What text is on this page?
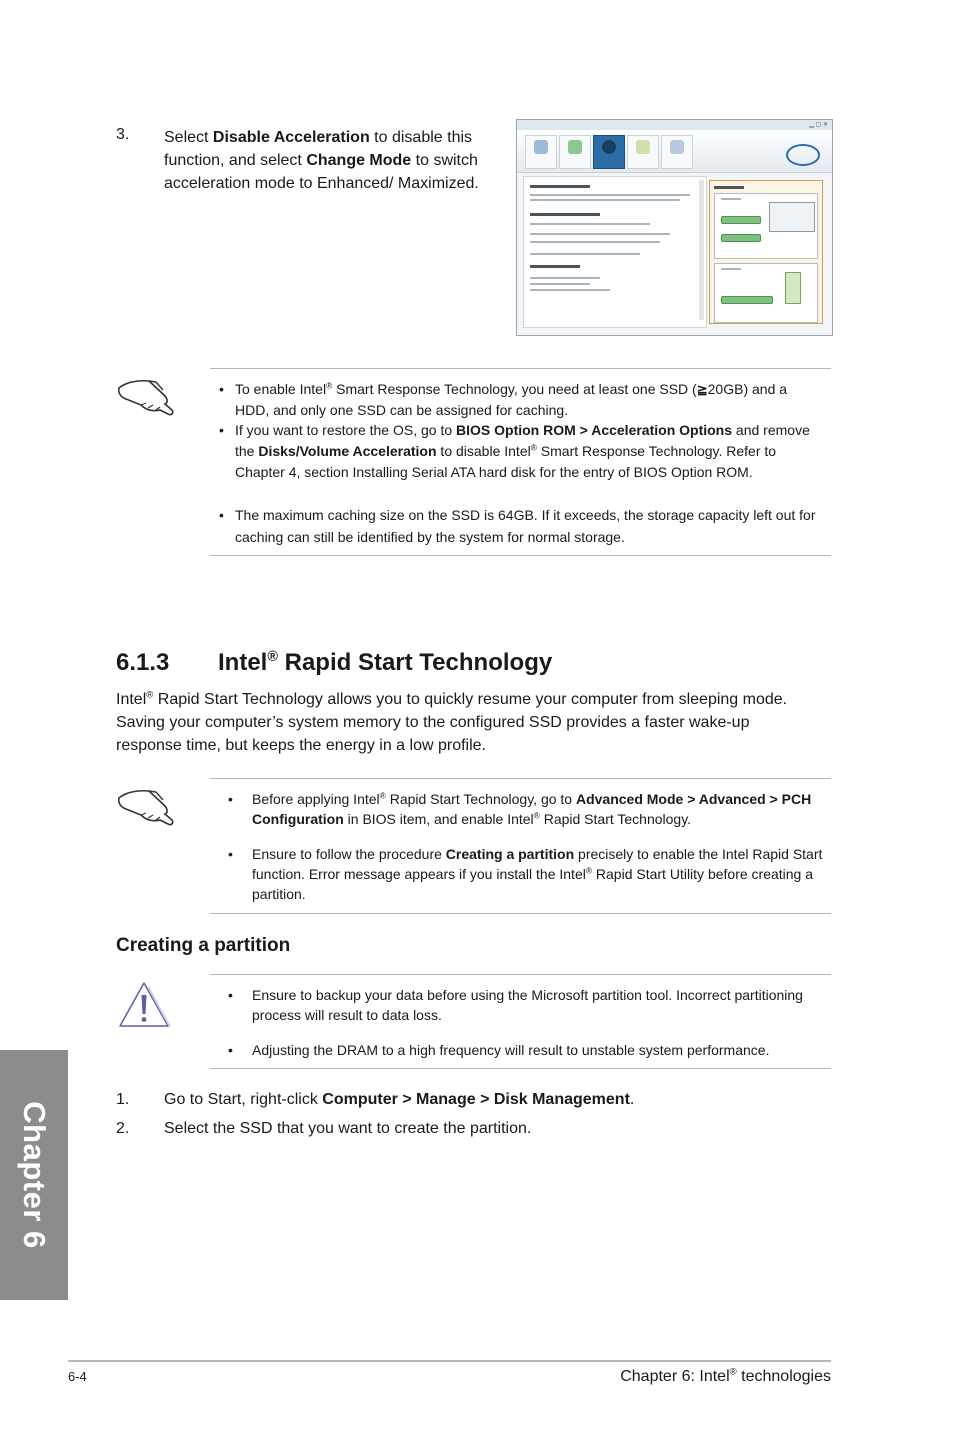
3. Select Disable Acceleration to disable this function, and select Change Mode to switch acceleration mode to Enhanced/ Maximized.
▁ ▢ ✕
• To enable Intel® Smart Response Technology, you need at least one SSD (≧20GB) and a HDD, and only one SSD can be assigned for caching.
• If you want to restore the OS, go to BIOS Option ROM > Acceleration Options and remove the Disks/Volume Acceleration to disable Intel® Smart Response Technology. Refer to Chapter 4, section Installing Serial ATA hard disk for the entry of BIOS Option ROM.
• The maximum caching size on the SSD is 64GB. If it exceeds, the storage capacity left out for caching can still be identified by the system for normal storage.
6.1.3 Intel® Rapid Start Technology
Intel® Rapid Start Technology allows you to quickly resume your computer from sleeping mode. Saving your computer’s system memory to the configured SSD provides a faster wake-up response time, but keeps the energy in a low profile.
• Before applying Intel® Rapid Start Technology, go to Advanced Mode > Advanced > PCH Configuration in BIOS item, and enable Intel® Rapid Start Technology.
• Ensure to follow the procedure Creating a partition precisely to enable the Intel Rapid Start function. Error message appears if you install the Intel® Rapid Start Utility before creating a partition.
Creating a partition
• Ensure to backup your data before using the Microsoft partition tool. Incorrect partitioning process will result to data loss.
• Adjusting the DRAM to a high frequency will result to unstable system performance.
1. Go to Start, right-click Computer > Manage > Disk Management.
2. Select the SSD that you want to create the partition.
Chapter 6
6-4	Chapter 6: Intel® technologies
